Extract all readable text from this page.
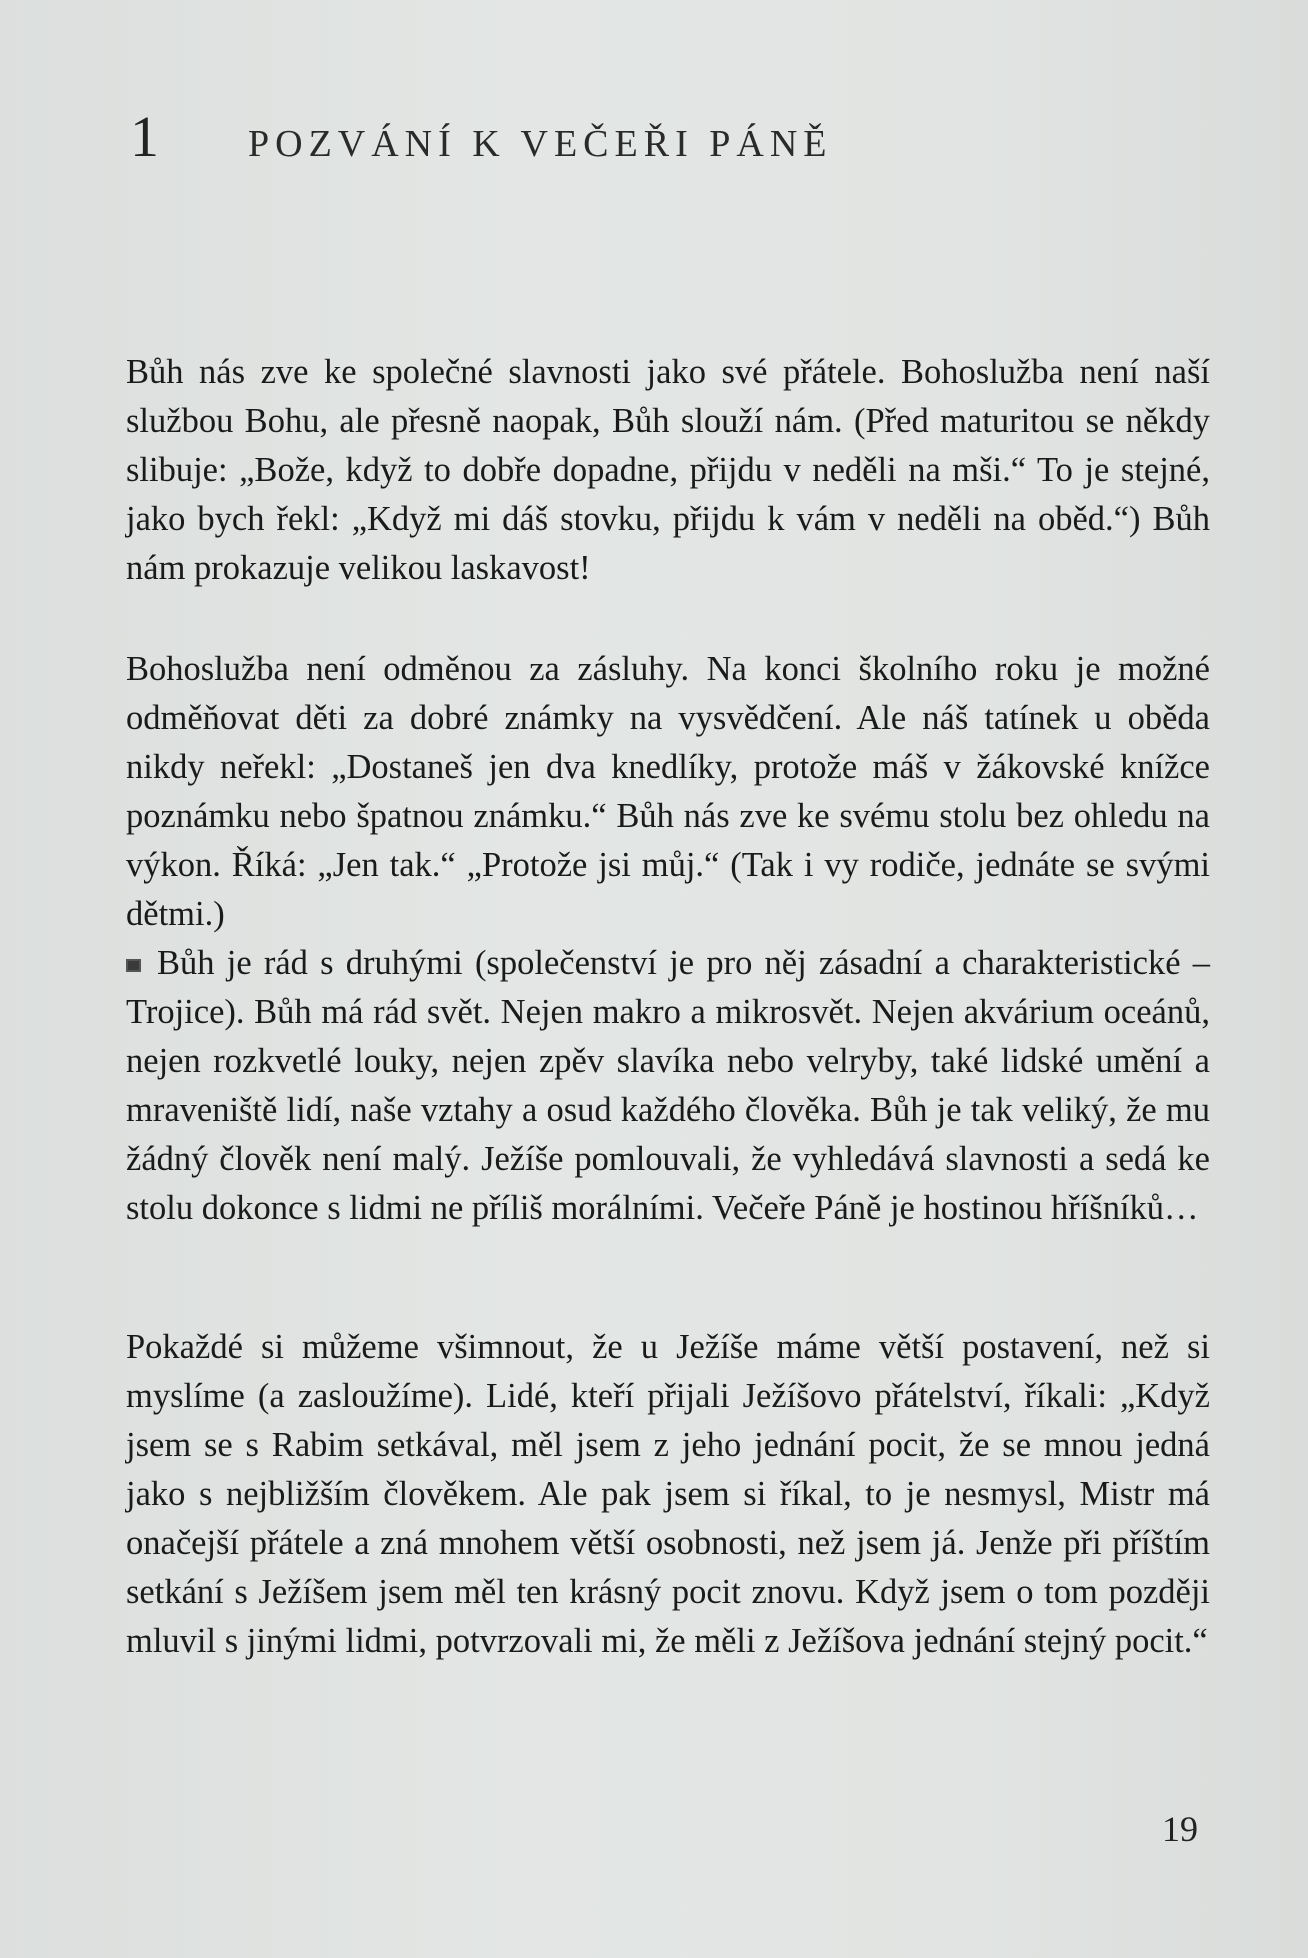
1	POZVÁNÍ K VEČEŘI PÁNĚ

Bůh nás zve ke společné slavnosti jako své přátele. Bohoslužba není naší službou Bohu, ale přesně naopak, Bůh slouží nám. (Před maturitou se někdy slibuje: „Bože, když to dobře dopadne, přijdu v neděli na mši.“ To je stejné, jako bych řekl: „Když mi dáš stovku, přijdu k vám v neděli na oběd.“) Bůh nám prokazuje velikou laskavost!

Bohoslužba není odměnou za zásluhy. Na konci školního roku je možné odměňovat děti za dobré známky na vysvědčení. Ale náš tatínek u oběda nikdy neřekl: „Dostaneš jen dva knedlíky, protože máš v žákovské knížce poznámku nebo špatnou známku.“ Bůh nás zve ke svému stolu bez ohledu na výkon. Říká: „Jen tak.“ „Protože jsi můj.“ (Tak i vy rodiče, jednáte se svými dětmi.)

Bůh je rád s druhými (společenství je pro něj zásadní a charakteristické – Trojice). Bůh má rád svět. Nejen makro a mikrosvět. Nejen akvárium oceánů, nejen rozkvetlé louky, nejen zpěv slavíka nebo velryby, také lidské umění a mraveniště lidí, naše vztahy a osud každého člověka. Bůh je tak veliký, že mu žádný člověk není malý. Ježíše pomlouvali, že vyhledává slavnosti a sedá ke stolu dokonce s lidmi ne příliš morálními. Večeře Páně je hostinou hříšníků…

Pokaždé si můžeme všimnout, že u Ježíše máme větší postavení, než si myslíme (a zasloužíme). Lidé, kteří přijali Ježíšovo přátelství, říkali: „Když jsem se s Rabim setkával, měl jsem z jeho jednání pocit, že se mnou jedná jako s nejbližším člověkem. Ale pak jsem si říkal, to je nesmysl, Mistr má onačejší přátele a zná mnohem větší osobnosti, než jsem já. Jenže při příštím setkání s Ježíšem jsem měl ten krásný pocit znovu. Když jsem o tom později mluvil s jinými lidmi, potvrzovali mi, že měli z Ježíšova jednání stejný pocit.“

19
